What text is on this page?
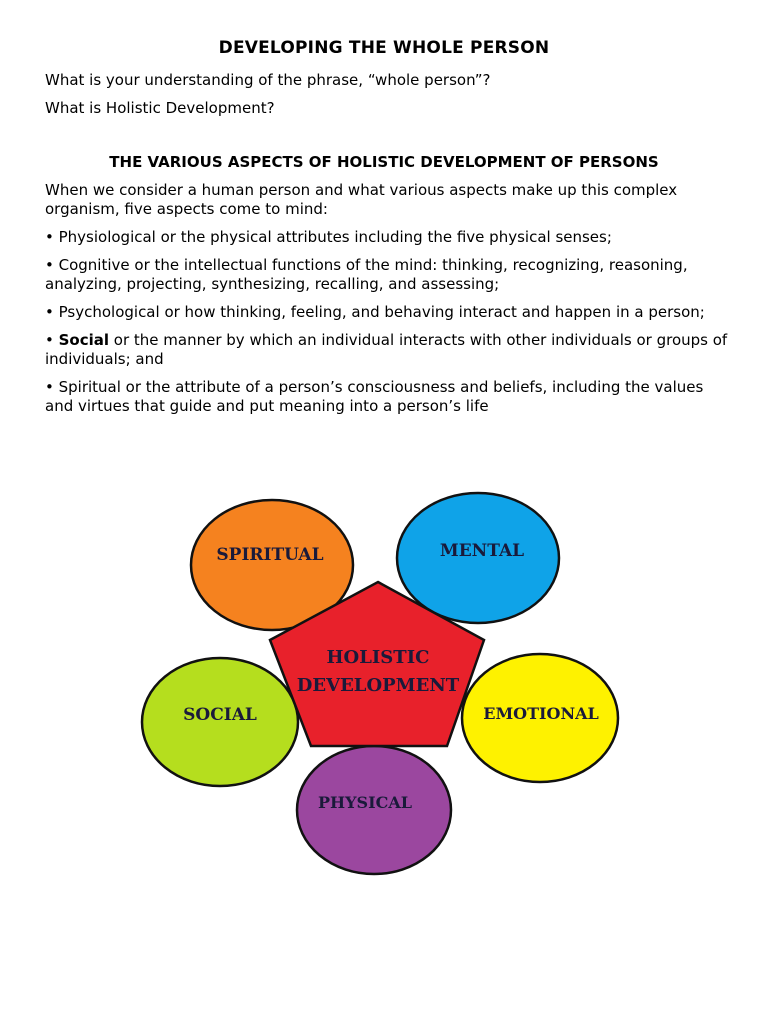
DEVELOPING THE WHOLE PERSON

What is your understanding of the phrase, “whole person”?

What is Holistic Development?

THE VARIOUS ASPECTS OF HOLISTIC DEVELOPMENT OF PERSONS

When we consider a human person and what various aspects make up this complex organism, five aspects come to mind:

• Physiological or the physical attributes including the five physical senses;

• Cognitive or the intellectual functions of the mind: thinking, recognizing, reasoning, analyzing, projecting, synthesizing, recalling, and assessing;

• Psychological or how thinking, feeling, and behaving interact and happen in a person;

• Social or the manner by which an individual interacts with other individuals or groups of individuals; and

• Spiritual or the attribute of a person’s consciousness and beliefs, including the values and virtues that guide and put meaning into a person’s life

SPIRITUAL	MENTAL
EMOTIONAL
PHYSICAL
SOCIAL
HOLISTIC
DEVELOPMENT
